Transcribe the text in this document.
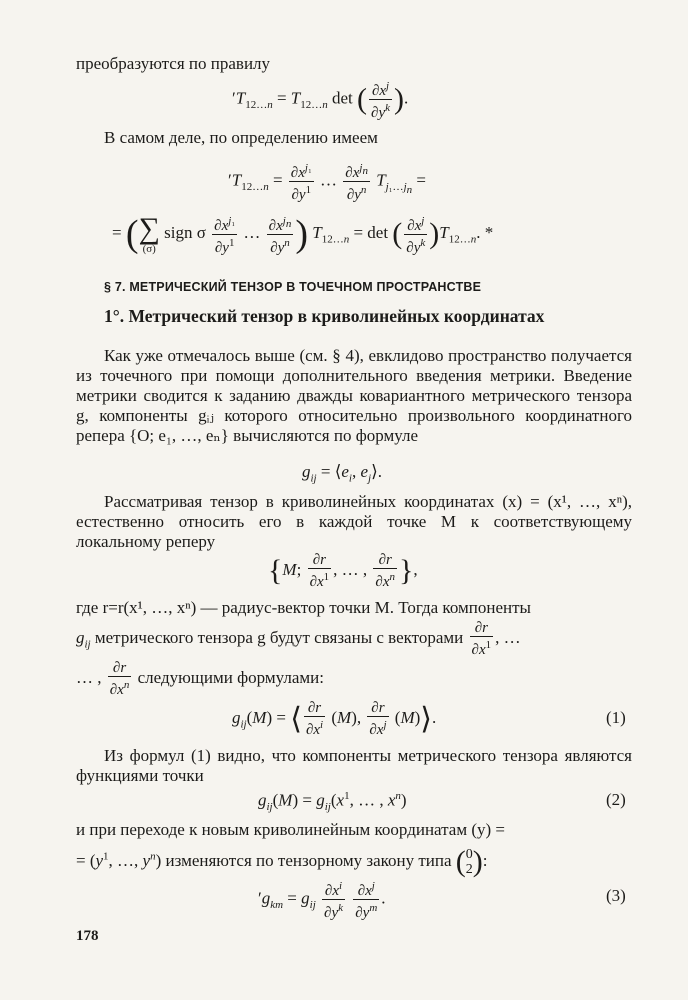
преобразуются по правилу
$'T_{12\dots n} = T_{12\dots n}$ det ( $\frac{\partial x^j}{\partial y^k}$ ).
В самом деле, по определению имеем
$'T_{12\dots n} = \frac{\partial x^{j_1}}{\partial y^1}$ … $\frac{\partial x^{j_n}}{\partial y^n} T_{j_1\dots j_n}$ =
= ( ∑
(σ)
sign σ $\frac{\partial x^{j_1}}{\partial y^1}$ … $\frac{\partial x^{j_n}}{\partial y^n}$ ) $T_{12\dots n} = \det$ ( $\frac{\partial x^j}{\partial y^k} )T_{12\dots n}$. *
§ 7. МЕТРИЧЕСКИЙ ТЕНЗОР В ТОЧЕЧНОМ ПРОСТРАНСТВЕ
1°. Метрический тензор в криволинейных координатах
Как уже отмечалось выше (см. § 4), евклидово пространство получается из точечного при помощи дополнительного введения метрики. Введение метрики сводится к заданию дважды ковариантного метрического тензора g, компоненты gᵢⱼ которого относительно произвольного координатного репера {O; e₁, …, eₙ} вычисляются по формуле
$g_{ij}$ = $⟨e_i$, $e_j⟩$.
Рассматривая тензор в криволинейных координатах (x) = (x¹, …, xⁿ), естественно относить его в каждой точке M к соответствующему локальному реперу
{M; $\frac{\partial r}{\partial x^1}$ , … , $\frac{\partial r}{\partial x^n}$ },
где r=r(x¹, …, xⁿ) — радиус-вектор точки M. Тогда компоненты
$g_{ij}$ метрического тензора g будут связаны с векторами $\frac{\partial r}{\partial x^1}$ , …
… , $\frac{\partial r}{\partial x^n}$ следующими формулами:
$g_{ij}(M)$ = ⟨ $\frac{\partial r}{\partial x^i} (M)$, $\frac{\partial r}{\partial x^j}$ (M)⟩.	(1)
Из формул (1) видно, что компоненты метрического тензора являются функциями точки
$g_{ij}(M) = g_{ij}(x^1$, … , $x^n$)	(2)
и при переходе к новым криволинейным координатам (y) =
= ($y^1$, …, $y^n$) изменяются по тензорному закону типа (0
2):
$'g_{km} = g_{ij} \frac{\partial x^i}{\partial y^k}$
$\frac{\partial x^j}{\partial y^m}$ .	(3)
178
